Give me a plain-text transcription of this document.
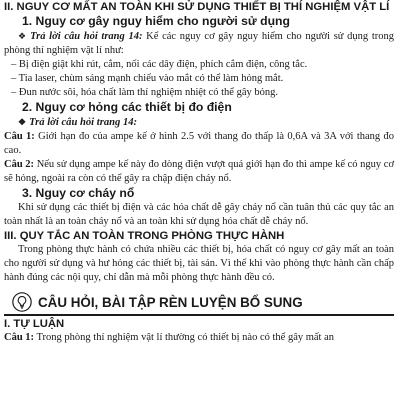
II. NGUY CƠ MẤT AN TOÀN KHI SỬ DỤNG THIẾT BỊ THÍ NGHIỆM VẬT LÍ
1. Nguy cơ gây nguy hiểm cho người sử dụng

❖ Trả lời câu hỏi trang 14: Kể các nguy cơ gây nguy hiểm cho người sử dụng trong phòng thí nghiệm vật lí như:

– Bị điện giật khi rút, cắm, nối các dây điện, phích cắm điện, công tắc.

– Tia laser, chùm sáng mạnh chiếu vào mắt có thể làm hỏng mắt.

– Đun nước sôi, hóa chất làm thí nghiệm nhiệt có thể gây bỏng.

2. Nguy cơ hỏng các thiết bị đo điện
❖ Trả lời câu hỏi trang 14:

Câu 1: Giới hạn đo của ampe kế ở hình 2.5 với thang đo thấp là 0,6A và 3A với thang đo cao.

Câu 2: Nếu sử dụng ampe kế này đo dòng điện vượt quá giới hạn đo thì ampe kế có nguy cơ sẽ hỏng, ngoài ra còn có thể gây ra chập điện cháy nổ.

3. Nguy cơ cháy nổ

Khi sử dụng các thiết bị điện và các hóa chất dễ gây cháy nổ cần tuân thủ các quy tắc an toàn nhất là an toàn cháy nổ và an toàn khi sử dụng hóa chất dễ cháy nổ.

III. QUY TẮC AN TOÀN TRONG PHÒNG THỰC HÀNH

Trong phòng thực hành có chứa nhiều các thiết bị, hóa chất có nguy cơ gây mất an toàn cho người sử dụng và hư hỏng các thiết bị, tài sản. Vì thế khi vào phòng thực hành cần chấp hành đúng các nội quy, chỉ dẫn mà mỗi phòng thực hành đều có.

CÂU HỎI, BÀI TẬP RÈN LUYỆN BỔ SUNG
I. TỰ LUẬN

Câu 1: Trong phòng thí nghiệm vật lí thường có thiết bị nào có thể gây mất an
